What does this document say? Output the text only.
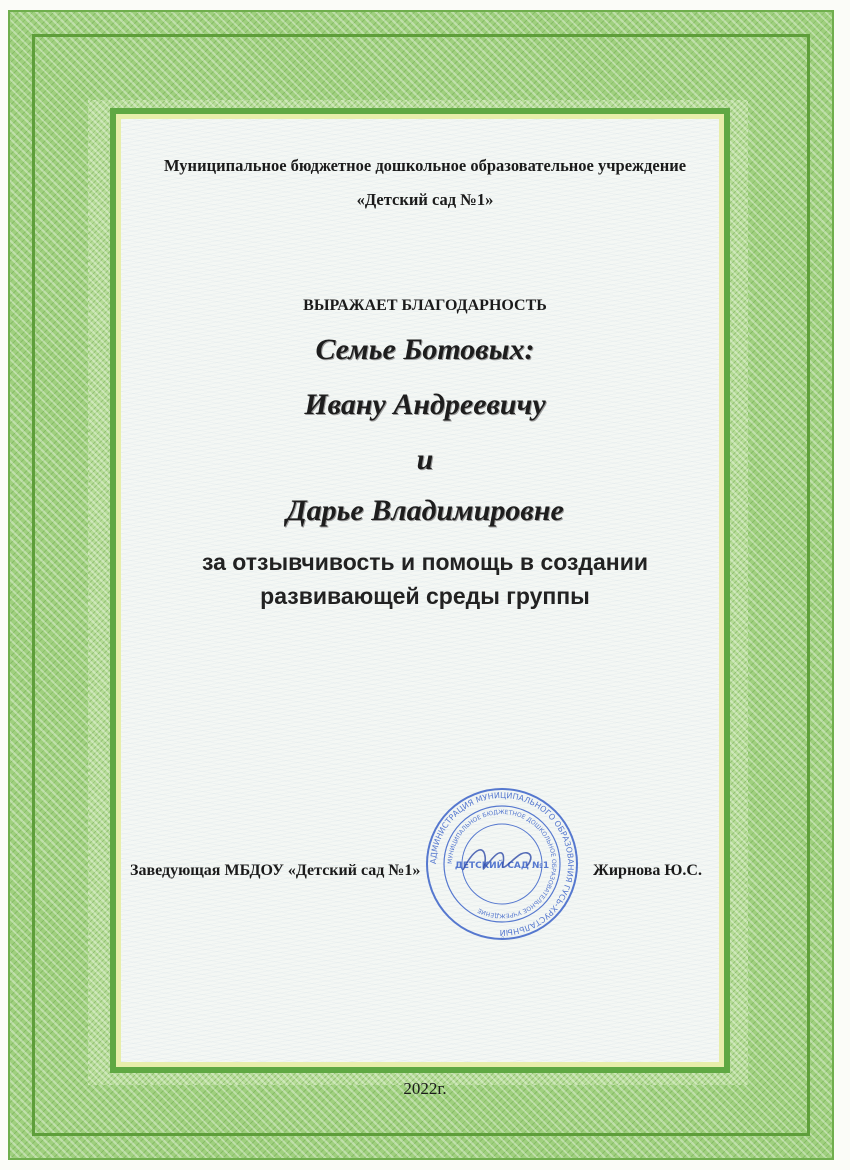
Муниципальное бюджетное дошкольное образовательное учреждение
«Детский сад №1»
ВЫРАЖАЕТ БЛАГОДАРНОСТЬ
Семье Ботовых:
Ивану Андреевичу
и
Дарье Владимировне
за отзывчивость и помощь в создании
развивающей среды группы
Заведующая МБДОУ «Детский сад №1»	Жирнова Ю.С.
АДМИНИСТРАЦИЯ МУНИЦИПАЛЬНОГО ОБРАЗОВАНИЯ ГУСЬ-ХРУСТАЛЬНЫЙ
МУНИЦИПАЛЬНОЕ БЮДЖЕТНОЕ ДОШКОЛЬНОЕ ОБРАЗОВАТЕЛЬНОЕ УЧРЕЖДЕНИЕ
ДЕТСКИЙ САД №1
2022г.
